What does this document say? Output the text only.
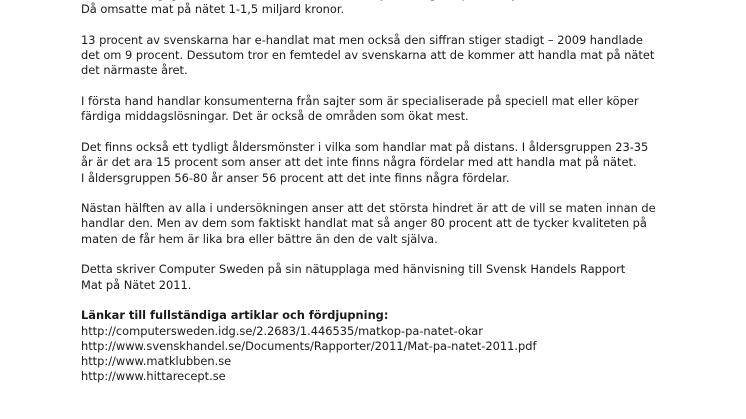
Då omsatte mat på nätet 1-1,5 miljard kronor.

13 procent av svenskarna har e-handlat mat men också den siffran stiger stadigt – 2009 handlade

det om 9 procent. Dessutom tror en femtedel av svenskarna att de kommer att handla mat på nätet

det närmaste året.

I första hand handlar konsumenterna från sajter som är specialiserade på speciell mat eller köper

färdiga middagslösningar. Det är också de områden som ökat mest.

Det finns också ett tydligt åldersmönster i vilka som handlar mat på distans. I åldersgruppen 23-35

år är det ara 15 procent som anser att det inte finns några fördelar med att handla mat på nätet.

I åldersgruppen 56-80 år anser 56 procent att det inte finns några fördelar.

Nästan hälften av alla i undersökningen anser att det största hindret är att de vill se maten innan de

handlar den. Men av dem som faktiskt handlat mat så anger 80 procent att de tycker kvaliteten på

maten de får hem är lika bra eller bättre än den de valt själva.

Detta skriver Computer Sweden på sin nätupplaga med hänvisning till Svensk Handels Rapport

Mat på Nätet 2011.

Länkar till fullständiga artiklar och fördjupning:

http://computersweden.idg.se/2.2683/1.446535/matkop-pa-natet-okar

http://www.svenskhandel.se/Documents/Rapporter/2011/Mat-pa-natet-2011.pdf

http://www.matklubben.se

http://www.hittarecept.se
